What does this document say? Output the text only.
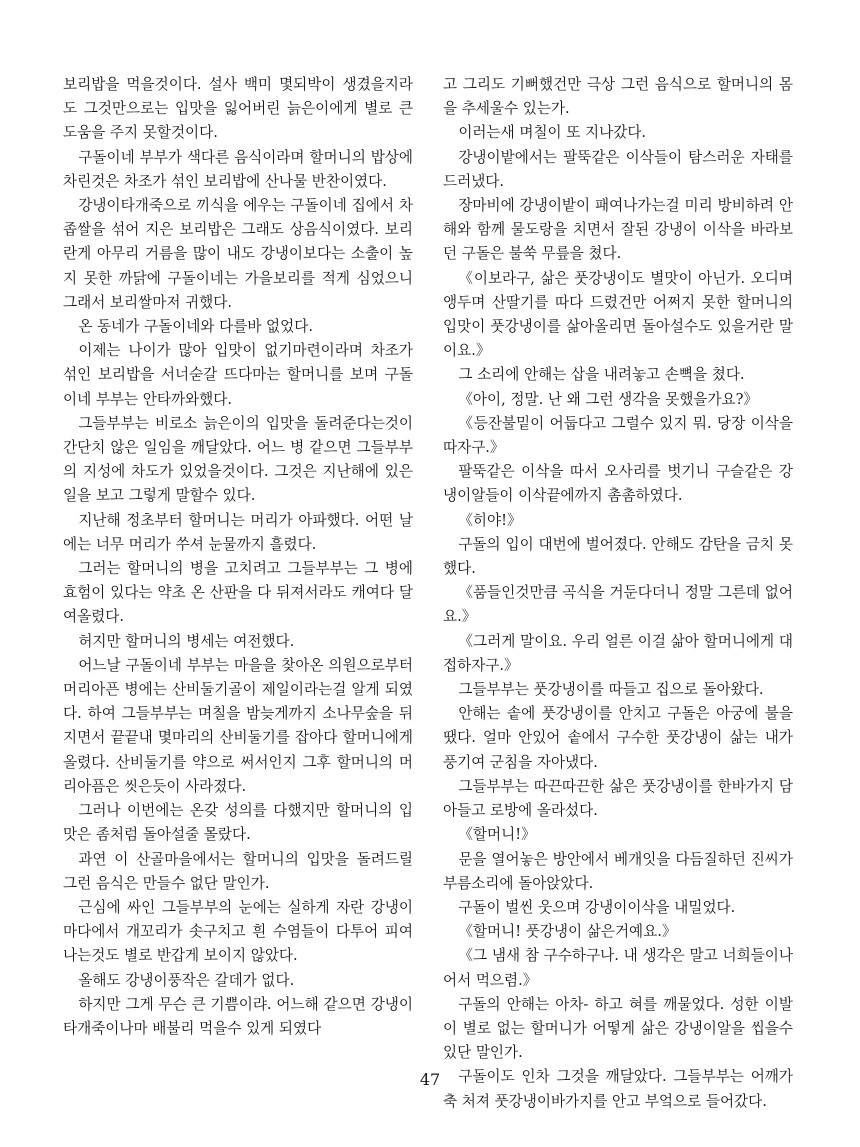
보리밥을 먹을것이다. 설사 백미 몇되박이 생겼을지라도 그것만으로는 입맛을 잃어버린 늙은이에게 별로 큰 도움을 주지 못할것이다.

구돌이네 부부가 색다른 음식이라며 할머니의 밥상에 차린것은 차조가 섞인 보리밥에 산나물 반찬이였다.

강냉이타개죽으로 끼식을 에우는 구돌이네 집에서 차좁쌀을 섞어 지은 보리밥은 그래도 상음식이였다. 보리란게 아무리 거름을 많이 내도 강냉이보다는 소출이 높지 못한 까닭에 구돌이네는 가을보리를 적게 심었으니 그래서 보리쌀마저 귀했다.

온 동네가 구돌이네와 다를바 없었다.

이제는 나이가 많아 입맛이 없기마련이라며 차조가 섞인 보리밥을 서너숟갈 뜨다마는 할머니를 보며 구돌이네 부부는 안타까와했다.

그들부부는 비로소 늙은이의 입맛을 돌려준다는것이 간단치 않은 일임을 깨달았다. 어느 병 같으면 그들부부의 지성에 차도가 있었을것이다. 그것은 지난해에 있은 일을 보고 그렇게 말할수 있다.

지난해 정초부터 할머니는 머리가 아파했다. 어떤 날에는 너무 머리가 쑤셔 눈물까지 흘렸다.

그러는 할머니의 병을 고치려고 그들부부는 그 병에 효험이 있다는 약초 온 산판을 다 뒤져서라도 캐여다 달여올렸다.

허지만 할머니의 병세는 여전했다.

어느날 구돌이네 부부는 마을을 찾아온 의원으로부터 머리아픈 병에는 산비둘기골이 제일이라는걸 알게 되였다. 하여 그들부부는 며칠을 밤늦게까지 소나무숲을 뒤지면서 끝끝내 몇마리의 산비둘기를 잡아다 할머니에게 올렸다. 산비둘기를 약으로 써서인지 그후 할머니의 머리아픔은 씻은듯이 사라졌다.

그러나 이번에는 온갖 성의를 다했지만 할머니의 입맛은 좀처럼 돌아설줄 몰랐다.

과연 이 산골마을에서는 할머니의 입맛을 돌려드릴 그런 음식은 만들수 없단 말인가.

근심에 싸인 그들부부의 눈에는 실하게 자란 강냉이마다에서 개꼬리가 솟구치고 흰 수염들이 다투어 피여나는것도 별로 반갑게 보이지 않았다.

올해도 강냉이풍작은 갈데가 없다.

하지만 그게 무슨 큰 기쁨이랴. 어느해 같으면 강냉이타개죽이나마 배불리 먹을수 있게 되였다

고 그리도 기뻐했건만 극상 그런 음식으로 할머니의 몸을 추세울수 있는가.

이러는새 며칠이 또 지나갔다.

강냉이밭에서는 팔뚝같은 이삭들이 탐스러운 자태를 드러냈다.

장마비에 강냉이밭이 패여나가는걸 미리 방비하려 안해와 함께 물도랑을 치면서 잘된 강냉이 이삭을 바라보던 구돌은 불쑥 무릎을 쳤다.

《이보라구, 삶은 풋강냉이도 별맛이 아닌가. 오디며 앵두며 산딸기를 따다 드렸건만 어쩌지 못한 할머니의 입맛이 풋강냉이를 삶아올리면 돌아설수도 있을거란 말이요.》

그 소리에 안해는 삽을 내려놓고 손뼉을 쳤다.

《아이, 정말. 난 왜 그런 생각을 못했을가요?》

《등잔불밑이 어둡다고 그럴수 있지 뭐. 당장 이삭을 따자구.》

팔뚝같은 이삭을 따서 오사리를 벗기니 구슬같은 강냉이알들이 이삭끝에까지 촘촘하였다.

《히야!》

구돌의 입이 대번에 벌어졌다. 안해도 감탄을 금치 못했다.

《품들인것만큼 곡식을 거둔다더니 정말 그른데 없어요.》

《그러게 말이요. 우리 얼른 이걸 삶아 할머니에게 대접하자구.》

그들부부는 풋강냉이를 따들고 집으로 돌아왔다.

안해는 솥에 풋강냉이를 안치고 구돌은 아궁에 불을 땠다. 얼마 안있어 솥에서 구수한 풋강냉이 삶는 내가 풍기여 군침을 자아냈다.

그들부부는 따끈따끈한 삶은 풋강냉이를 한바가지 담아들고 로방에 올라섰다.

《할머니!》

문을 열어놓은 방안에서 베개잇을 다듬질하던 진씨가 부름소리에 돌아앉았다.

구돌이 벌씬 웃으며 강냉이이삭을 내밀었다.

《할머니! 풋강냉이 삶은거예요.》

《그 냄새 참 구수하구나. 내 생각은 말고 너희들이나 어서 먹으렴.》

구돌의 안해는 아차- 하고 혀를 깨물었다. 성한 이발이 별로 없는 할머니가 어떻게 삶은 강냉이알을 씹을수 있단 말인가.

구돌이도 인차 그것을 깨달았다. 그들부부는 어깨가 축 처져 풋강냉이바가지를 안고 부엌으로 들어갔다.

47
